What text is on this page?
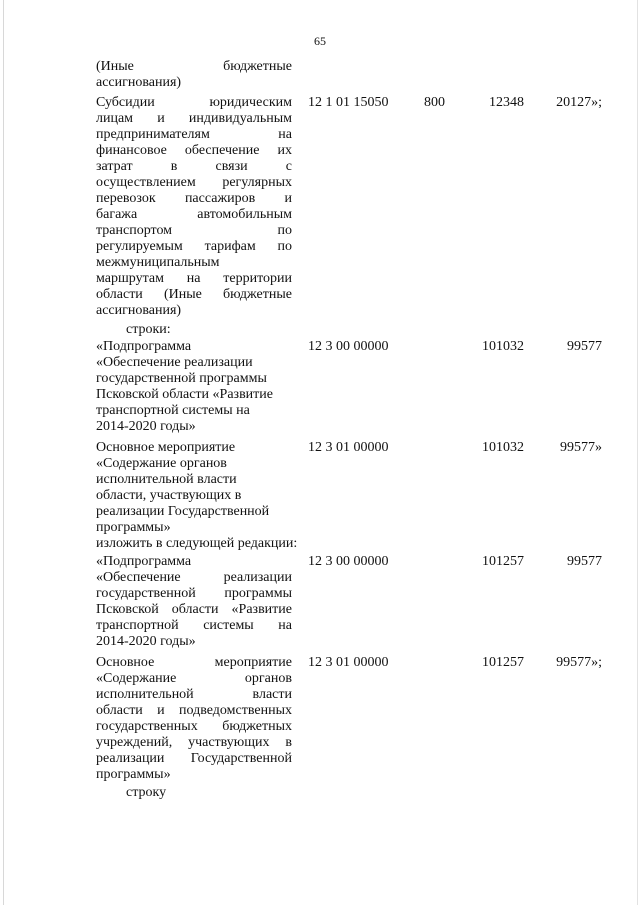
65
(Иные бюджетные
ассигнования)
Субсидии юридическим
лицам и индивидуальным
предпринимателям на
финансовое обеспечение их
затрат в связи с
осуществлением регулярных
перевозок пассажиров и
багажа автомобильным
транспортом по
регулируемым тарифам по
межмуниципальным
маршрутам на территории
области (Иные бюджетные
ассигнования)
12 1 01 15050	800	12348	20127»;
строки:
«Подпрограмма
«Обеспечение реализации
государственной программы
Псковской области «Развитие
транспортной системы на
2014-2020 годы»
12 3 00 00000	101032	99577
Основное мероприятие
«Содержание органов
исполнительной власти
области, участвующих в
реализации Государственной
программы»
12 3 01 00000	101032	99577»
изложить в следующей редакции:
«Подпрограмма
«Обеспечение реализации
государственной программы
Псковской области «Развитие
транспортной системы на
2014-2020 годы»
12 3 00 00000	101257	99577
Основное мероприятие
«Содержание органов
исполнительной власти
области и подведомственных
государственных бюджетных
учреждений, участвующих в
реализации Государственной
программы»
12 3 01 00000	101257	99577»;
строку
